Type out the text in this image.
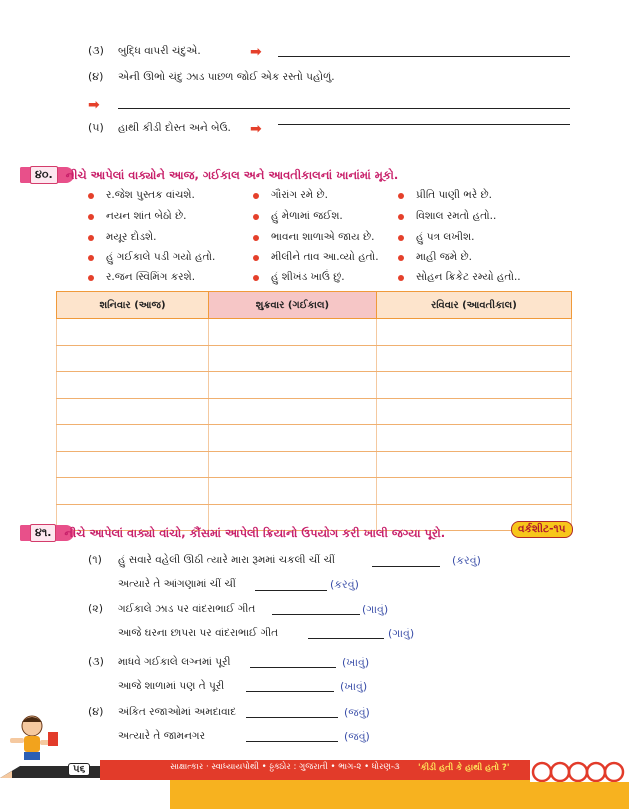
(૩) બુદ્ધિ વાપરી ચંદુએ.	➡
(૪) એની ઊભો ચંદુ ઝાડ પાછળ જોઈ એક રસ્તો પહોળું.
➡
(૫) હાથી કીડી દોસ્ત અને બેઉ. ➡
૪૦.	નીચે આપેલાં વાક્યોને આજ, ગઈકાલ અને આવતીકાલનાં ખાનાંમાં મૂકો.
ર.જેશ પુસ્તક વાંચશે.
નયન શાંત બેઠો છે.
મયૂર દોડશે.
હું ગઈકાલે પડી ગયો હતો.
ર.જન સ્વિમિંગ કરશે.
ગૌરાંગ રમે છે.
હું મેળામાં જઈશ.
ભાવના શાળાએ જાય છે.
મીલીને તાવ આ.વ્યો હતો.
હું શીખંડ ખાઉં છું.
પ્રીતિ પાણી ભરે છે.
વિશાલ રમતો હતો..
હું પત્ર લખીશ.
માહી જમે છે.
સોહન ક્રિકેટ રમ્યો હતો..
શનિવાર (આજ)	શુક્રવાર (ગઈકાલ)	રવિવાર (આવતીકાલ)

૪૧.	નીચે આપેલાં વાક્યો વાંચો, કૌંસમાં આપેલી ક્રિયાનો ઉપયોગ કરી ખાલી જગ્યા પૂરો.	વર્કશીટ-૧૫
(૧) હું સવારે વહેલી ઊઠી ત્યારે મારા રૂમમાં ચકલી ચીં ચીં	(કરવું)
અત્યારે તે આંગણામાં ચીં ચીં	(કરવું)
(૨) ગઈકાલે ઝાડ પર વાંદરાભાઈ ગીત	(ગાવું)
આજે ઘરના છાપરા પર વાંદરાભાઈ ગીત	(ગાવું)
(૩) માધવે ગઈકાલે લગ્નમાં પૂરી	(ખાવું)
આજે શાળામાં પણ તે પૂરી	(ખાવું)
(૪) અંકિત રજાઓમાં અમદાવાદ	(જવું)
અત્યારે તે જામનગર	(જવું)
૫૬	સાક્ષાત્કાર · સ્વાધ્યાયપોથી • ઠ્ઠક્ઠોર : ગુજરાતી • ભાગ-૨ • ધોરણ-૩ 'કીડી હતી કે હાથી હતો ?'
